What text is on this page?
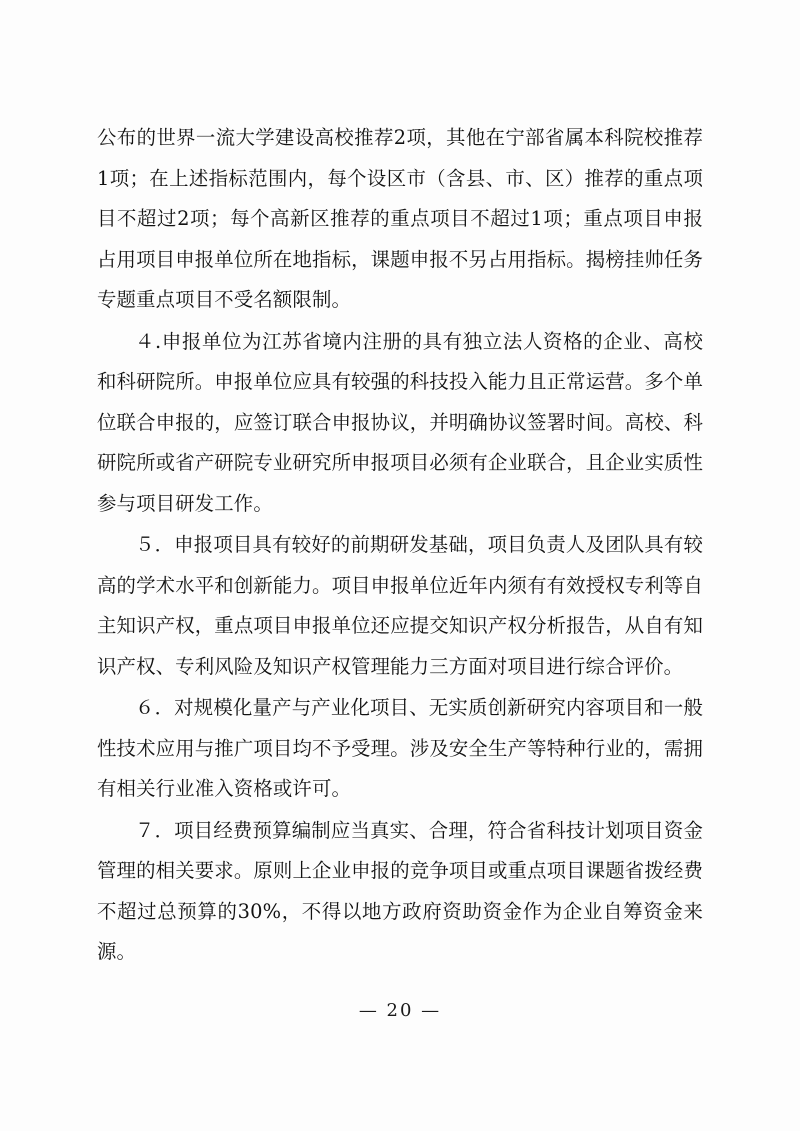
公布的世界一流大学建设高校推荐2项，其他在宁部省属本科院校推荐1项；在上述指标范围内，每个设区市（含县、市、区）推荐的重点项目不超过2项；每个高新区推荐的重点项目不超过1项；重点项目申报占用项目申报单位所在地指标，课题申报不另占用指标。揭榜挂帅任务专题重点项目不受名额限制。

４.申报单位为江苏省境内注册的具有独立法人资格的企业、高校和科研院所。申报单位应具有较强的科技投入能力且正常运营。多个单位联合申报的，应签订联合申报协议，并明确协议签署时间。高校、科研院所或省产研院专业研究所申报项目必须有企业联合，且企业实质性参与项目研发工作。

５．申报项目具有较好的前期研发基础，项目负责人及团队具有较高的学术水平和创新能力。项目申报单位近年内须有有效授权专利等自主知识产权，重点项目申报单位还应提交知识产权分析报告，从自有知识产权、专利风险及知识产权管理能力三方面对项目进行综合评价。

６．对规模化量产与产业化项目、无实质创新研究内容项目和一般性技术应用与推广项目均不予受理。涉及安全生产等特种行业的，需拥有相关行业准入资格或许可。

７．项目经费预算编制应当真实、合理，符合省科技计划项目资金管理的相关要求。原则上企业申报的竞争项目或重点项目课题省拨经费不超过总预算的30%，不得以地方政府资助资金作为企业自筹资金来源。

— 20 —
